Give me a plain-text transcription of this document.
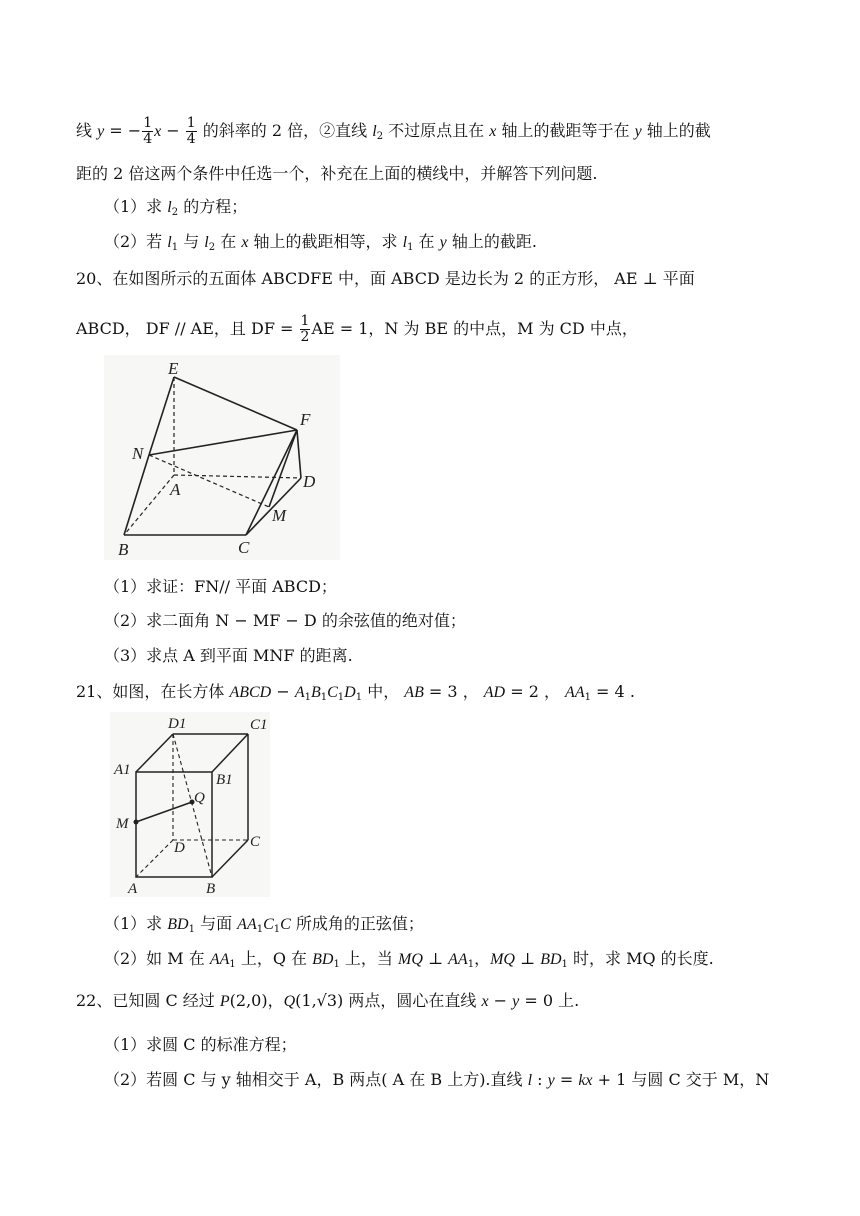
线 y = − $\frac{1}{4}$ $x - \frac{1}{4}$ 的斜率的 2 倍，②直线 $l_2$ 不过原点且在 x 轴上的截距等于在 y 轴上的截
距的 2 倍这两个条件中任选一个，补充在上面的横线中，并解答下列问题.
（1）求 $l_2$ 的方程；
（2）若 $l_1$ 与 $l_2$ 在 x 轴上的截距相等，求 $l_1$ 在 y 轴上的截距.
20、在如图所示的五面体 ABCDFE 中，面 ABCD 是边长为 2 的正方形， AE ⊥ 平面
ABCD， DF // AE，且 DF = $\frac{1}{2}$ AE = 1，N 为 BE 的中点，M 为 CD 中点，
E
F
N
A	D
M
B	C
（1）求证：FN// 平面 ABCD；
（2）求二面角 N − MF − D 的余弦值的绝对值；
（3）求点 A 到平面 MNF 的距离.
21、如图，在长方体 ABCD − $A_1B_1C_1D_1$ 中， AB = 3 ， AD = 2 ， $AA_1 = 4$ .
D1	C1
A1
B1
Q
M
D	C
A	B
（1）求 $BD_1$ 与面 $AA_1C_1C$ 所成角的正弦值；
（2）如 M 在 $AA_1$ 上，Q 在 $BD_1$ 上，当 MQ ⊥ $AA_1$，MQ ⊥ $BD_1$ 时，求 MQ 的长度.
22、已知圆 C 经过 P(2,0)，Q(1,√3) 两点，圆心在直线 x − y = 0 上.
（1）求圆 C 的标准方程；
（2）若圆 C 与 y 轴相交于 A，B 两点( A 在 B 上方).直线 l : y = kx + 1 与圆 C 交于 M，N
